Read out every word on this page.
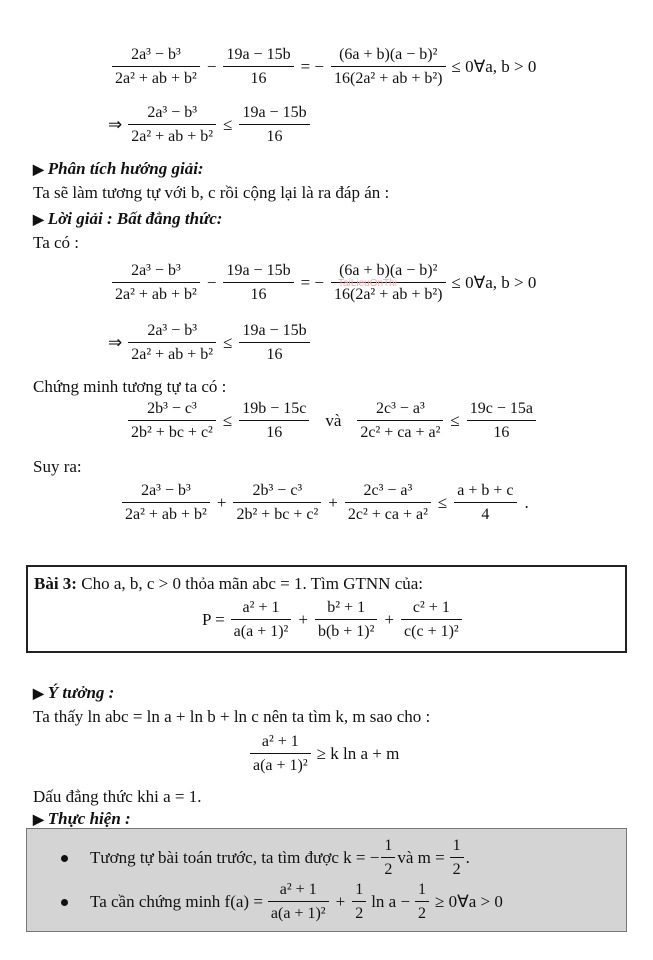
$\frac{\text{2a³ − b³}}{\text{2a² + ab + b²}} - \frac{19a - 15b}{16}$ = − $\frac{\text{(6a + b)(a − b)²}}{\text{16(2a² + ab + b²)}}$ ≤ 0∀a, b > 0
⇒ $\frac{\text{2a³ − b³}}{\text{2a² + ab + b²}} \le \frac{19a - 15b}{16}$
▶ Phân tích hướng giải:
Ta sẽ làm tương tự với b, c rồi cộng lại là ra đáp án :
▶ Lời giải : Bất đẳng thức:
Ta có :
$\frac{\text{2a³ − b³}}{\text{2a² + ab + b²}} - \frac{19a - 15b}{16}$ = − $\frac{\text{(6a + b)(a − b)²}}{\text{16(2a² + ab + b²)}}$ ≤ 0∀a, b > 0
TaiLieuOnThi
⇒ $\frac{\text{2a³ − b³}}{\text{2a² + ab + b²}} \le \frac{19a - 15b}{16}$
Chứng minh tương tự ta có :
$\frac{\text{2b³ − c³}}{\text{2b² + bc + c²}} \le \frac{19b - 15c}{16}$ và $\frac{\text{2c³ − a³}}{\text{2c² + ca + a²}} \le \frac{19c - 15a}{16}$
Suy ra:
$\frac{\text{2a³ − b³}}{\text{2a² + ab + b²}} + \frac{\text{2b³ − c³}}{\text{2b² + bc + c²}} + \frac{\text{2c³ − a³}}{\text{2c² + ca + a²}} \le \frac{a + b + c}{4}$ .
Bài 3: Cho a, b, c > 0 thỏa mãn abc = 1. Tìm GTNN của:
$P = \frac{\text{a² + 1}}{\text{a(a + 1)²}} + \frac{\text{b² + 1}}{\text{b(b + 1)²}} + \frac{\text{c² + 1}}{\text{c(c + 1)²}}$
▶ Ý tưởng :
Ta thấy ln abc = ln a + ln b + ln c nên ta tìm k, m sao cho :
$\frac{\text{a² + 1}}{\text{a(a + 1)²}} \ge k$ ln a + m
Dấu đẳng thức khi a = 1.
▶ Thực hiện :
Tương tự bài toán trước, ta tìm được k = − $\frac{1}{2}$ và $m = \frac{1}{2}$ .
Ta cần chứng minh $f(a) = \frac{\text{a² + 1}}{\text{a(a + 1)²}} + \frac{1}{2}$ $\ln a - \frac{1}{2}$ ≥ 0∀a > 0
